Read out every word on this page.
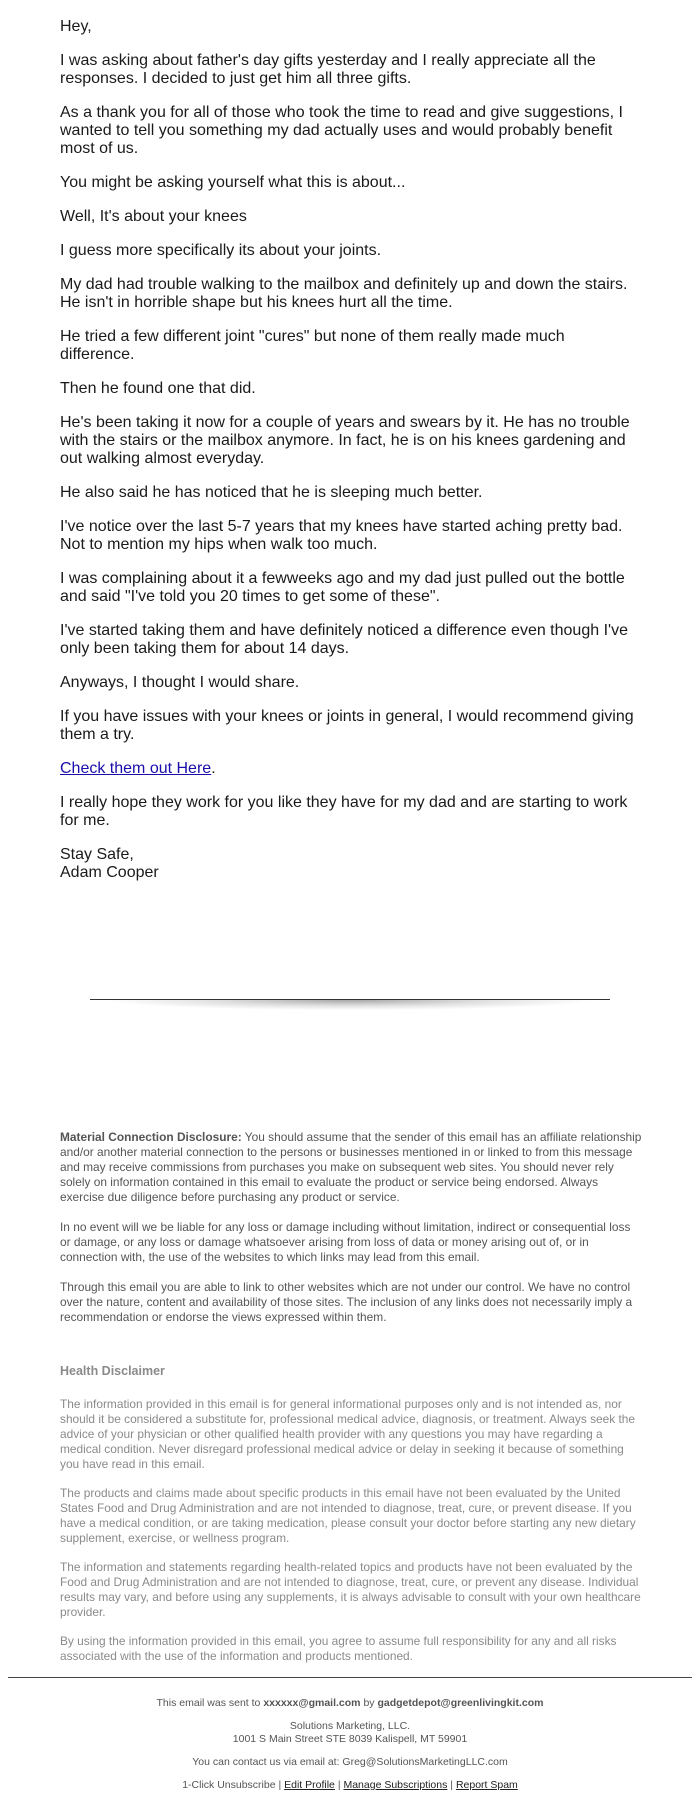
Hey,

I was asking about father's day gifts yesterday and I really appreciate all the responses. I decided to just get him all three gifts.

As a thank you for all of those who took the time to read and give suggestions, I wanted to tell you something my dad actually uses and would probably benefit most of us.

You might be asking yourself what this is about...

Well, It's about your knees

I guess more specifically its about your joints.

My dad had trouble walking to the mailbox and definitely up and down the stairs. He isn't in horrible shape but his knees hurt all the time.

He tried a few different joint "cures" but none of them really made much difference.

Then he found one that did.

He's been taking it now for a couple of years and swears by it. He has no trouble with the stairs or the mailbox anymore. In fact, he is on his knees gardening and out walking almost everyday.

He also said he has noticed that he is sleeping much better.

I've notice over the last 5-7 years that my knees have started aching pretty bad. Not to mention my hips when walk too much.

I was complaining about it a fewweeks ago and my dad just pulled out the bottle and said "I've told you 20 times to get some of these".

I've started taking them and have definitely noticed a difference even though I've only been taking them for about 14 days.

Anyways, I thought I would share.

If you have issues with your knees or joints in general, I would recommend giving them a try.

Check them out Here.

I really hope they work for you like they have for my dad and are starting to work for me.

Stay Safe,
Adam Cooper

Material Connection Disclosure: You should assume that the sender of this email has an affiliate relationship and/or another material connection to the persons or businesses mentioned in or linked to from this message and may receive commissions from purchases you make on subsequent web sites. You should never rely solely on information contained in this email to evaluate the product or service being endorsed. Always exercise due diligence before purchasing any product or service.

In no event will we be liable for any loss or damage including without limitation, indirect or consequential loss or damage, or any loss or damage whatsoever arising from loss of data or money arising out of, or in connection with, the use of the websites to which links may lead from this email.

Through this email you are able to link to other websites which are not under our control. We have no control over the nature, content and availability of those sites. The inclusion of any links does not necessarily imply a recommendation or endorse the views expressed within them.

Health Disclaimer

The information provided in this email is for general informational purposes only and is not intended as, nor should it be considered a substitute for, professional medical advice, diagnosis, or treatment. Always seek the advice of your physician or other qualified health provider with any questions you may have regarding a medical condition. Never disregard professional medical advice or delay in seeking it because of something you have read in this email.

The products and claims made about specific products in this email have not been evaluated by the United States Food and Drug Administration and are not intended to diagnose, treat, cure, or prevent disease. If you have a medical condition, or are taking medication, please consult your doctor before starting any new dietary supplement, exercise, or wellness program.

The information and statements regarding health-related topics and products have not been evaluated by the Food and Drug Administration and are not intended to diagnose, treat, cure, or prevent any disease. Individual results may vary, and before using any supplements, it is always advisable to consult with your own healthcare provider.

By using the information provided in this email, you agree to assume full responsibility for any and all risks associated with the use of the information and products mentioned.

This email was sent to xxxxxx@gmail.com by gadgetdepot@greenlivingkit.com

Solutions Marketing, LLC.

1001 S Main Street STE 8039 Kalispell, MT 59901

You can contact us via email at: Greg@SolutionsMarketingLLC.com

1-Click Unsubscribe | Edit Profile | Manage Subscriptions | Report Spam
